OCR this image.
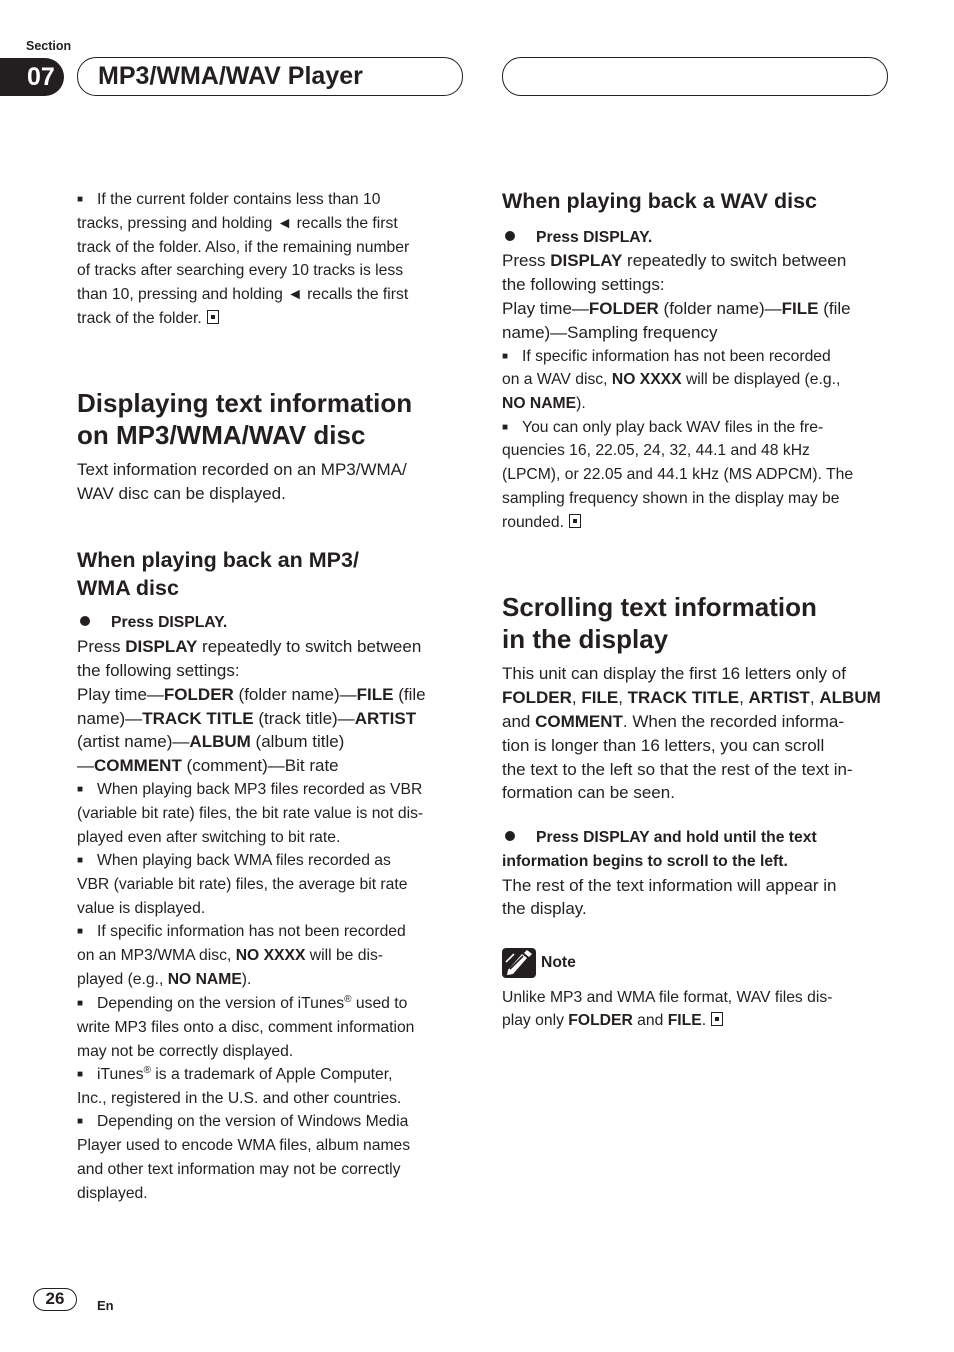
Section
07	MP3/WMA/WAV Player
■ If the current folder contains less than 10
tracks, pressing and holding ◄ recalls the first
track of the folder. Also, if the remaining number
of tracks after searching every 10 tracks is less
than 10, pressing and holding ◄ recalls the first
track of the folder.
Displaying text information
on MP3/WMA/WAV disc
Text information recorded on an MP3/WMA/
WAV disc can be displayed.
When playing back an MP3/
WMA disc
Press DISPLAY.
Press DISPLAY repeatedly to switch between
the following settings:
Play time—FOLDER (folder name)—FILE (file
name)—TRACK TITLE (track title)—ARTIST
(artist name)—ALBUM (album title)
—COMMENT (comment)—Bit rate
■ When playing back MP3 files recorded as VBR
(variable bit rate) files, the bit rate value is not dis-
played even after switching to bit rate.
■ When playing back WMA files recorded as
VBR (variable bit rate) files, the average bit rate
value is displayed.
■ If specific information has not been recorded
on an MP3/WMA disc, NO XXXX will be dis-
played (e.g., NO NAME).
■ Depending on the version of iTunes® used to
write MP3 files onto a disc, comment information
may not be correctly displayed.
■ iTunes® is a trademark of Apple Computer,
Inc., registered in the U.S. and other countries.
■ Depending on the version of Windows Media
Player used to encode WMA files, album names
and other text information may not be correctly
displayed.
When playing back a WAV disc
Press DISPLAY.
Press DISPLAY repeatedly to switch between
the following settings:
Play time—FOLDER (folder name)—FILE (file
name)—Sampling frequency
■ If specific information has not been recorded
on a WAV disc, NO XXXX will be displayed (e.g.,
NO NAME).
■ You can only play back WAV files in the fre-
quencies 16, 22.05, 24, 32, 44.1 and 48 kHz
(LPCM), or 22.05 and 44.1 kHz (MS ADPCM). The
sampling frequency shown in the display may be
rounded.
Scrolling text information
in the display
This unit can display the first 16 letters only of
FOLDER, FILE, TRACK TITLE, ARTIST, ALBUM
and COMMENT. When the recorded informa-
tion is longer than 16 letters, you can scroll
the text to the left so that the rest of the text in-
formation can be seen.
Press DISPLAY and hold until the text
information begins to scroll to the left.
The rest of the text information will appear in
the display.
Note
Unlike MP3 and WMA file format, WAV files dis-
play only FOLDER and FILE.
26	En
